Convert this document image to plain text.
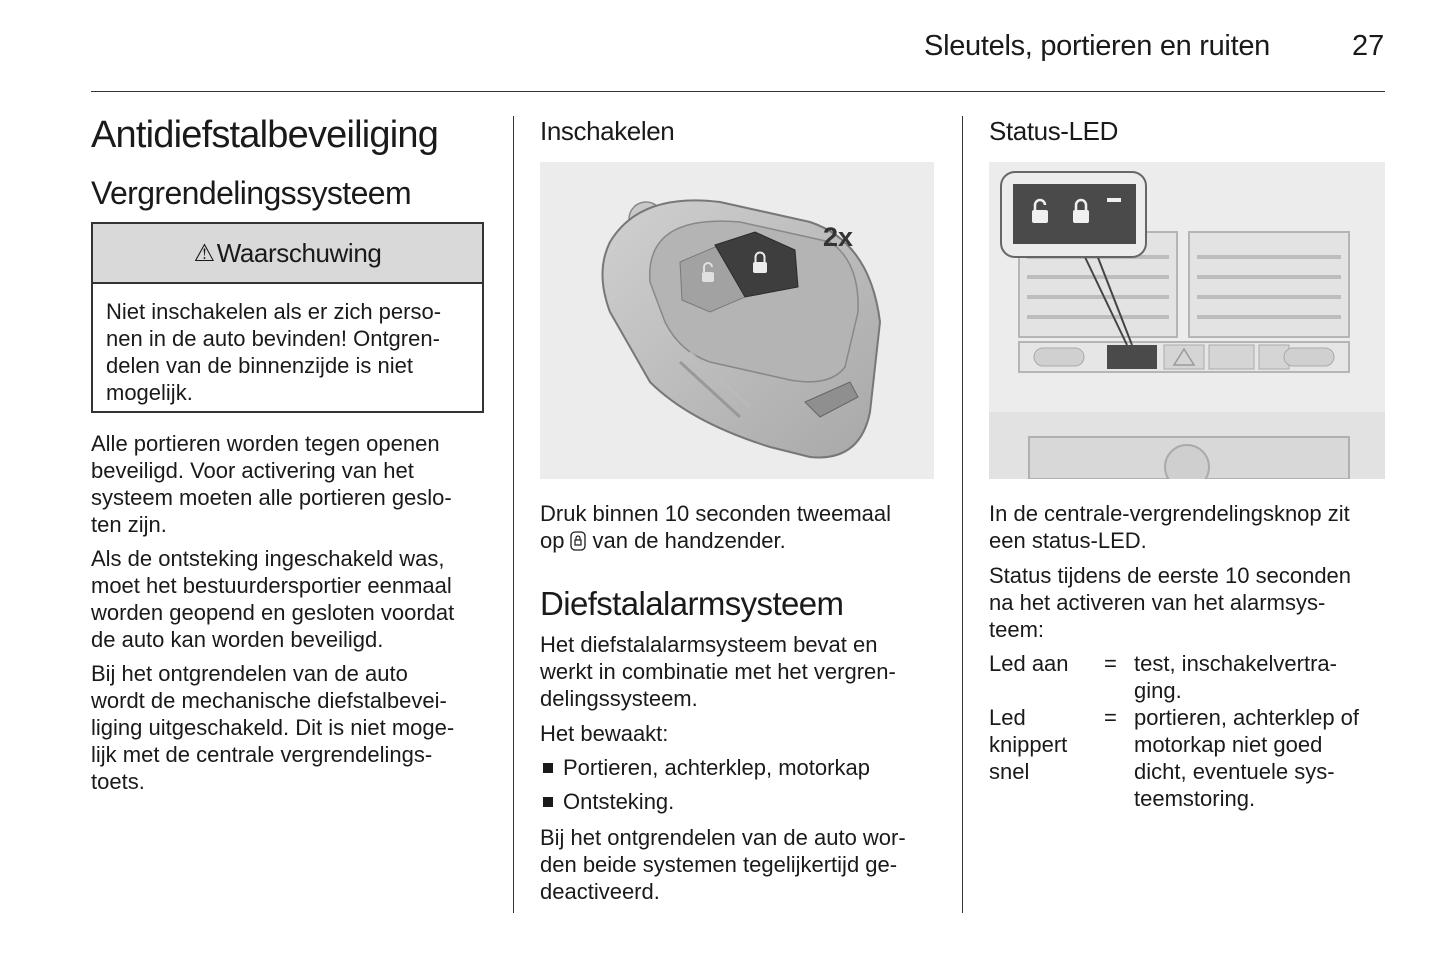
Sleutels, portieren en ruiten	27
Antidiefstalbeveiliging
Vergrendelingssysteem
⚠ Waarschuwing
Niet inschakelen als er zich perso-
nen in de auto bevinden! Ontgren-
delen van de binnenzijde is niet
mogelijk.
Alle portieren worden tegen openen
beveiligd. Voor activering van het
systeem moeten alle portieren geslo-
ten zijn.
Als de ontsteking ingeschakeld was,
moet het bestuurdersportier eenmaal
worden geopend en gesloten voordat
de auto kan worden beveiligd.
Bij het ontgrendelen van de auto
wordt de mechanische diefstalbevei-
liging uitgeschakeld. Dit is niet moge-
lijk met de centrale vergrendelings-
toets.
Inschakelen
2x
Druk binnen 10 seconden tweemaal
op van de handzender.
Diefstalalarmsysteem
Het diefstalalarmsysteem bevat en
werkt in combinatie met het vergren-
delingssysteem.
Het bewaakt:
Portieren, achterklep, motorkap
Ontsteking.
Bij het ontgrendelen van de auto wor-
den beide systemen tegelijkertijd ge-
deactiveerd.
Status-LED
In de centrale-vergrendelingsknop zit
een status-LED.
Status tijdens de eerste 10 seconden
na het activeren van het alarmsys-
teem:
Led aan = test, inschakelvertra-
ging.
Led
knippert
snel
= portieren, achterklep of
motorkap niet goed
dicht, eventuele sys-
teemstoring.
